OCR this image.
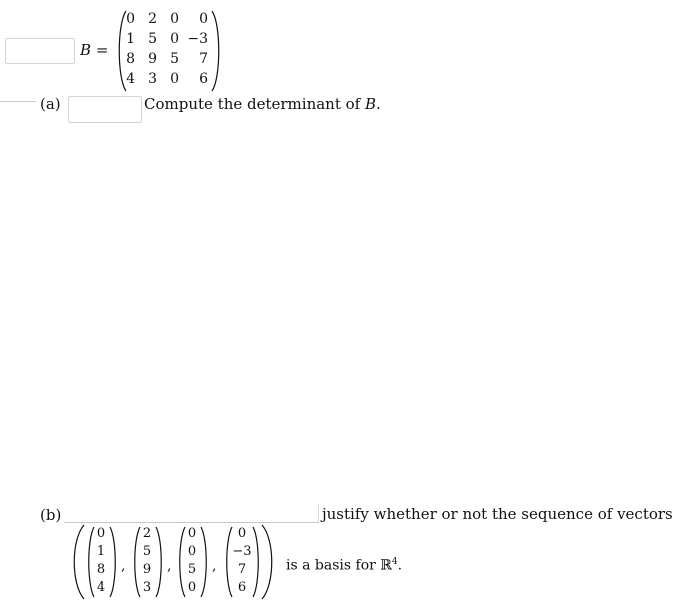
B =
0 2 0	0
1 5 0 −3
8 9 5	7
4 3 0	6
(a)	Compute the determinant of B.
(b)	justify whether or not the sequence of vectors
0
1
8
4
,
2
5
9
3
,
0
0
5
0
,
0
−3
7
6
is a basis for ℝ$^4$.
